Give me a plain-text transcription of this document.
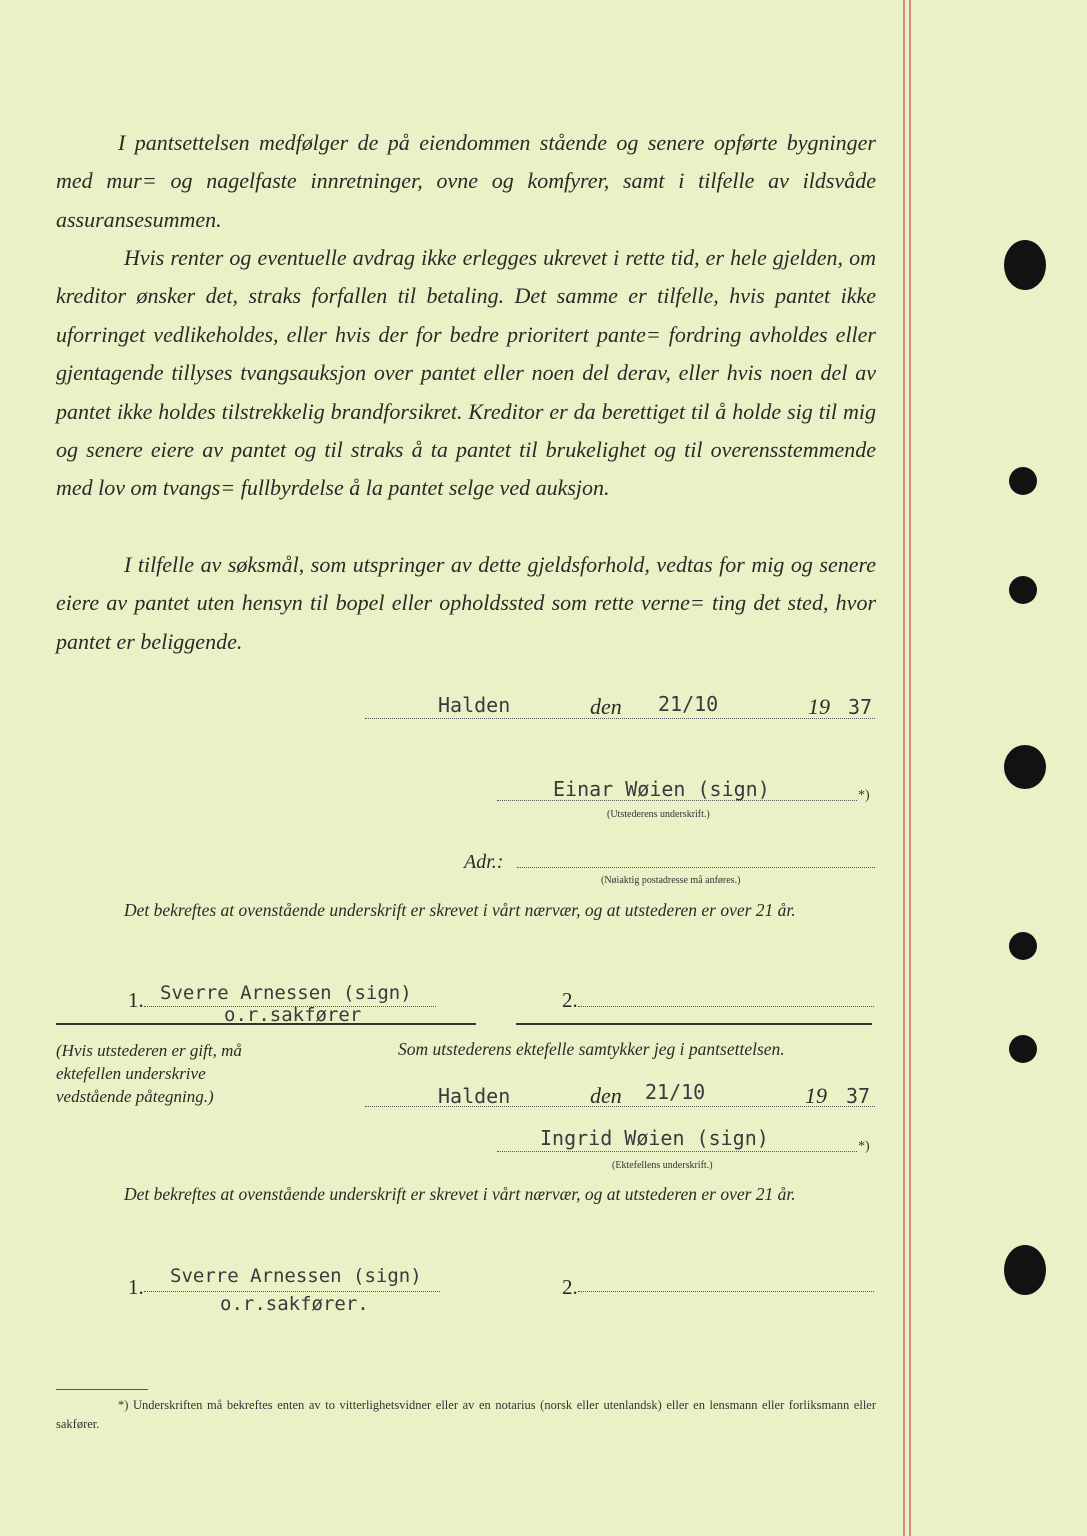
I pantsettelsen medfølger de på eiendommen stående og senere opførte bygninger med mur= og nagelfaste innretninger, ovne og komfyrer, samt i tilfelle av ildsvåde assuransesummen.

Hvis renter og eventuelle avdrag ikke erlegges ukrevet i rette tid, er hele gjelden, om kreditor ønsker det, straks forfallen til betaling. Det samme er tilfelle, hvis pantet ikke uforringet vedlikeholdes, eller hvis der for bedre prioritert pante= fordring avholdes eller gjentagende tillyses tvangsauksjon over pantet eller noen del derav, eller hvis noen del av pantet ikke holdes tilstrekkelig brandforsikret. Kreditor er da berettiget til å holde sig til mig og senere eiere av pantet og til straks å ta pantet til brukelighet og til overensstemmende med lov om tvangs= fullbyrdelse å la pantet selge ved auksjon.

I tilfelle av søksmål, som utspringer av dette gjeldsforhold, vedtas for mig og senere eiere av pantet uten hensyn til bopel eller opholdssted som rette verne= ting det sted, hvor pantet er beliggende.

Halden	den 21/10	19 37
Einar Wøien (sign)	*)
(Utstederens underskrift.)
Adr.:
(Nøiaktig postadresse må anføres.)

Det bekreftes at ovenstående underskrift er skrevet i vårt nærvær, og at utstederen er over 21 år.

1. Sverre Arnessen (sign)
o.r.sakfører
2.

(Hvis utstederen er gift, må ektefellen underskrive vedstående påtegning.)

Som utstederens ektefelle samtykker jeg i pantsettelsen.
Halden	den 21/10	19 37
Ingrid Wøien (sign)	*)
(Ektefellens underskrift.)

Det bekreftes at ovenstående underskrift er skrevet i vårt nærvær, og at utstederen er over 21 år.

1. Sverre Arnessen (sign)
o.r.sakfører.
2.

*) Underskriften må bekreftes enten av to vitterlighetsvidner eller av en notarius (norsk eller utenlandsk) eller en lensmann eller forliksmann eller sakfører.
